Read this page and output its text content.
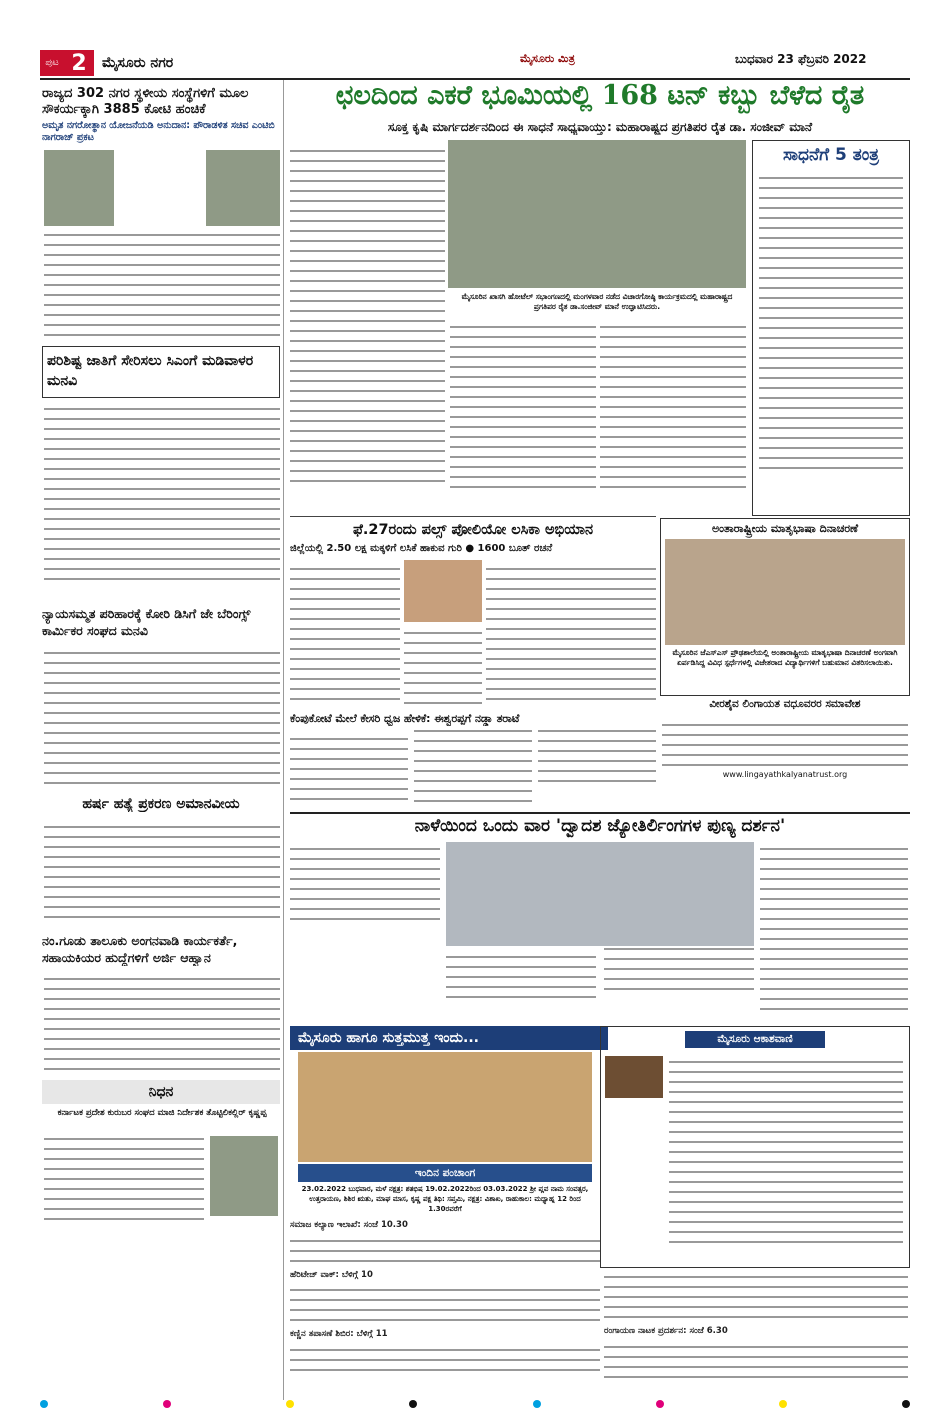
ಪುಟ 2	ಮೈಸೂರು ನಗರ	ಮೈಸೂರು ಮಿತ್ರ	ಬುಧವಾರ 23 ಫೆಬ್ರವರಿ 2022
ಛಲದಿಂದ ಎಕರೆ ಭೂಮಿಯಲ್ಲಿ 168 ಟನ್ ಕಬ್ಬು ಬೆಳೆದ ರೈತ
ಸೂಕ್ತ ಕೃಷಿ ಮಾರ್ಗದರ್ಶನದಿಂದ ಈ ಸಾಧನೆ ಸಾಧ್ಯವಾಯ್ತು: ಮಹಾರಾಷ್ಟ್ರದ ಪ್ರಗತಿಪರ ರೈತ ಡಾ. ಸಂಜೀವ್ ಮಾನೆ
ರಾಜ್ಯದ 302 ನಗರ ಸ್ಥಳೀಯ ಸಂಸ್ಥೆಗಳಿಗೆ ಮೂಲ ಸೌಕರ್ಯಕ್ಕಾಗಿ 3885 ಕೋಟಿ ಹಂಚಿಕೆ
ಅಮೃತ ನಗರೋತ್ಥಾನ ಯೋಜನೆಯಡಿ ಅನುದಾನ: ಪೌರಾಡಳಿತ ಸಚಿವ ಎಂಟಿಬಿ ನಾಗರಾಜ್ ಪ್ರಕಟ
ಪರಿಶಿಷ್ಟ ಜಾತಿಗೆ ಸೇರಿಸಲು ಸಿಎಂಗೆ ಮಡಿವಾಳರ ಮನವಿ
ನ್ಯಾಯಸಮ್ಮತ ಪರಿಹಾರಕ್ಕೆ ಕೋರಿ ಡಿಸಿಗೆ ಜೇ ಬೆರಿಂಗ್ಸ್ ಕಾರ್ಮಿಕರ ಸಂಘದ ಮನವಿ
ಹರ್ಷ ಹತ್ಯೆ ಪ್ರಕರಣ ಅಮಾನವೀಯ
ನಂ.ಗೂಡು ತಾಲೂಕು ಅಂಗನವಾಡಿ ಕಾರ್ಯಕರ್ತೆ, ಸಹಾಯಕಿಯರ ಹುದ್ದೆಗಳಿಗೆ ಅರ್ಜಿ ಆಹ್ವಾನ
ನಿಧನ
ಕರ್ನಾಟಕ ಪ್ರದೇಶ ಕುರುಬರ ಸಂಘದ ಮಾಜಿ ನಿರ್ದೇಶಕ ತೊಟ್ಟಿಲಿಕಲ್ಲಿರ್ ಕೃಷ್ಣಪ್ಪ
ಮೈಸೂರಿನ ಖಾಸಗಿ ಹೋಟೆಲ್ ಸಭಾಂಗಣದಲ್ಲಿ ಮಂಗಳವಾರ ನಡೆದ ವಿಚಾರಗೋಷ್ಠಿ ಕಾರ್ಯಕ್ರಮದಲ್ಲಿ ಮಹಾರಾಷ್ಟ್ರದ ಪ್ರಗತಿಪರ ರೈತ ಡಾ.ಸಂಜೀವ್ ಮಾನೆ ಉದ್ಘಾಟಿಸಿದರು.
ಸಾಧನೆಗೆ 5 ತಂತ್ರ
ಫೆ.27ರಂದು ಪಲ್ಸ್ ಪೋಲಿಯೋ ಲಸಿಕಾ ಅಭಿಯಾನ
ಜಿಲ್ಲೆಯಲ್ಲಿ 2.50 ಲಕ್ಷ ಮಕ್ಕಳಿಗೆ ಲಸಿಕೆ ಹಾಕುವ ಗುರಿ ● 1600 ಬೂತ್ ರಚನೆ
ಕೆಂಪುಕೋಟೆ ಮೇಲೆ ಕೇಸರಿ ಧ್ವಜ ಹೇಳಿಕೆ: ಈಶ್ವರಪ್ಪಗೆ ನಡ್ಡಾ ತರಾಟೆ
ಅಂತಾರಾಷ್ಟ್ರೀಯ ಮಾತೃಭಾಷಾ ದಿನಾಚರಣೆ
ಮೈಸೂರಿನ ಜೆಎಸ್‌ಎಸ್ ಪ್ರೌಢಶಾಲೆಯಲ್ಲಿ ಅಂತಾರಾಷ್ಟ್ರೀಯ ಮಾತೃಭಾಷಾ ದಿನಾಚರಣೆ ಅಂಗವಾಗಿ ಏರ್ಪಡಿಸಿದ್ದ ವಿವಿಧ ಸ್ಪರ್ಧೆಗಳಲ್ಲಿ ವಿಜೇತರಾದ ವಿದ್ಯಾರ್ಥಿಗಳಿಗೆ ಬಹುಮಾನ ವಿತರಿಸಲಾಯಿತು.
ವೀರಶೈವ ಲಿಂಗಾಯತ ವಧೂವರರ ಸಮಾವೇಶ
www.lingayathkalyanatrust.org
ನಾಳೆಯಿಂದ ಒಂದು ವಾರ 'ದ್ವಾದಶ ಜ್ಯೋತಿರ್ಲಿಂಗಗಳ ಪುಣ್ಯ ದರ್ಶನ'
ಮೈಸೂರು ಹಾಗೂ ಸುತ್ತಮುತ್ತ ಇಂದು...
ಇಂದಿನ ಪಂಚಾಂಗ
23.02.2022 ಬುಧವಾರ, ಮಳೆ ನಕ್ಷತ್ರ: ಶತಭಿಷ 19.02.2022ರಿಂದ 03.03.2022 ಶ್ರೀ ಪ್ಲವ ನಾಮ ಸಂವತ್ಸರ, ಉತ್ತರಾಯಣ, ಶಿಶಿರ ಋತು, ಮಾಘ ಮಾಸ, ಕೃಷ್ಣ ಪಕ್ಷ ತಿಥಿ: ಸಪ್ತಮಿ, ನಕ್ಷತ್ರ: ವಿಶಾಖ, ರಾಹುಕಾಲ: ಮಧ್ಯಾಹ್ನ 12 ರಿಂದ 1.30ರವರೆಗೆ
ಮೈಸೂರು ಆಕಾಶವಾಣಿ
ಸಮಾಜ ಕಲ್ಯಾಣ ಇಲಾಖೆ: ಸಂಜೆ 10.30
ಹೆರಿಟೇಜ್ ವಾಕ್: ಬೆಳಿಗ್ಗೆ 10
ಕಣ್ಣಿನ ತಪಾಸಣೆ ಶಿಬಿರ: ಬೆಳಿಗ್ಗೆ 11	ರಂಗಾಯಣ ನಾಟಕ ಪ್ರದರ್ಶನ: ಸಂಜೆ 6.30
